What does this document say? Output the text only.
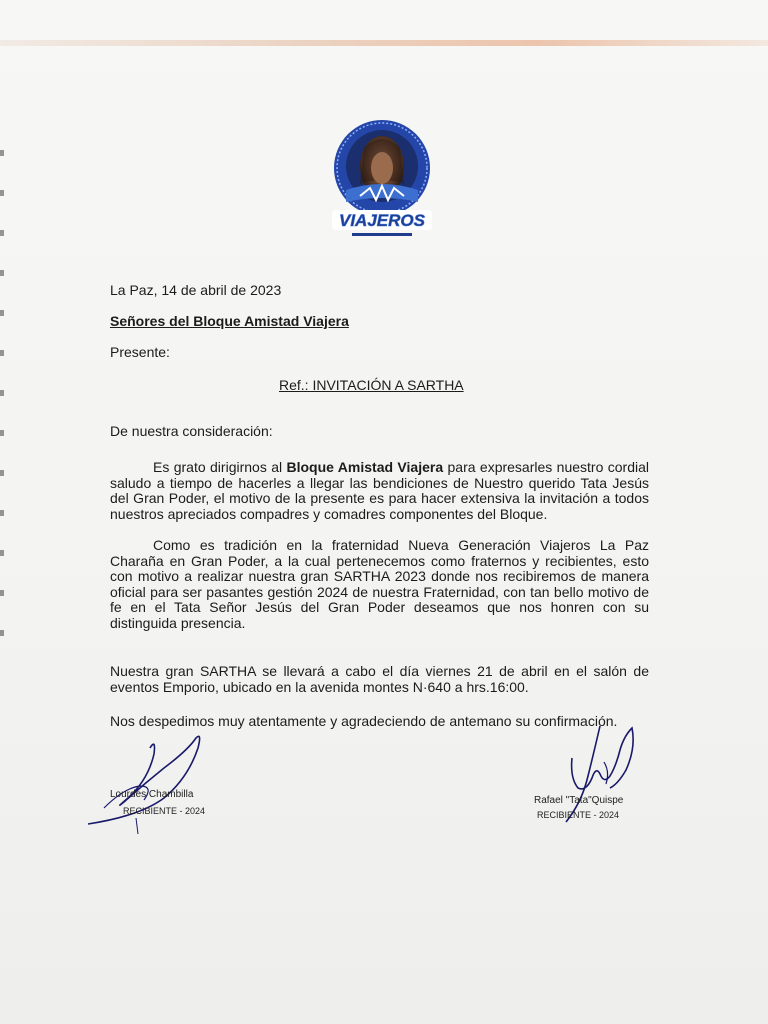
VIAJEROS
La Paz, 14 de abril de 2023
Señores del Bloque Amistad Viajera
Presente:
Ref.: INVITACIÓN A SARTHA
De nuestra consideración:
Es grato dirigirnos al Bloque Amistad Viajera para expresarles nuestro cordial saludo a tiempo de hacerles a llegar las bendiciones de Nuestro querido Tata Jesús del Gran Poder, el motivo de la presente es para hacer extensiva la invitación a todos nuestros apreciados compadres y comadres componentes del Bloque.
Como es tradición en la fraternidad Nueva Generación Viajeros La Paz Charaña en Gran Poder, a la cual pertenecemos como fraternos y recibientes, esto con motivo a realizar nuestra gran SARTHA 2023 donde nos recibiremos de manera oficial para ser pasantes gestión 2024 de nuestra Fraternidad, con tan bello motivo de fe en el Tata Señor Jesús del Gran Poder deseamos que nos honren con su distinguida presencia.
Nuestra gran SARTHA se llevará a cabo el día viernes 21 de abril en el salón de eventos Emporio, ubicado en la avenida montes N·640 a hrs.16:00.
Nos despedimos muy atentamente y agradeciendo de antemano su confirmación.
Lourdes Chambilla
RECIBIENTE - 2024
Rafael "Tata"Quispe
RECIBIENTE - 2024
